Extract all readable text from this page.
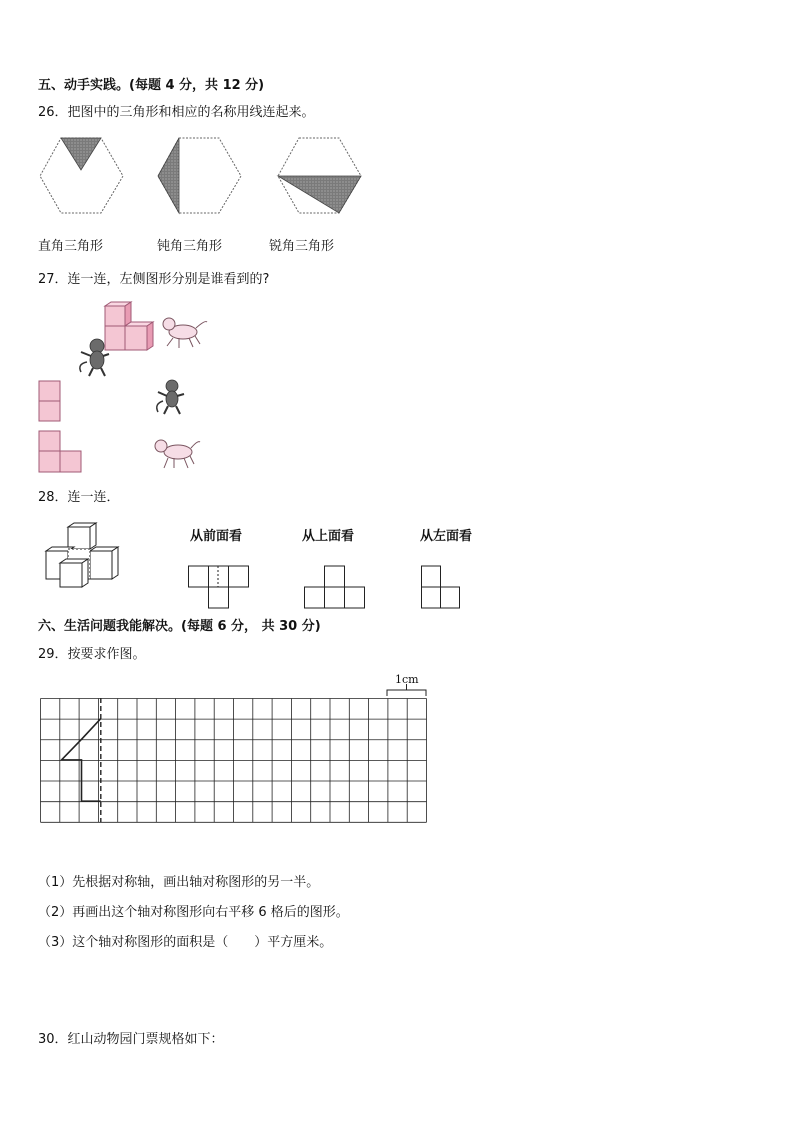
五、动手实践。(每题 4 分，共 12 分)
26．把图中的三角形和相应的名称用线连起来。
直角三角形	钝角三角形	锐角三角形
27．连一连，左侧图形分别是谁看到的?
28．连一连．
从前面看	从上面看	从左面看
六、生活问题我能解决。(每题 6 分， 共 30 分)
29．按要求作图。
1cm
（1）先根据对称轴，画出轴对称图形的另一半。
（2）再画出这个轴对称图形向右平移 6 格后的图形。
（3）这个轴对称图形的面积是（　　）平方厘米。
30．红山动物园门票规格如下：
